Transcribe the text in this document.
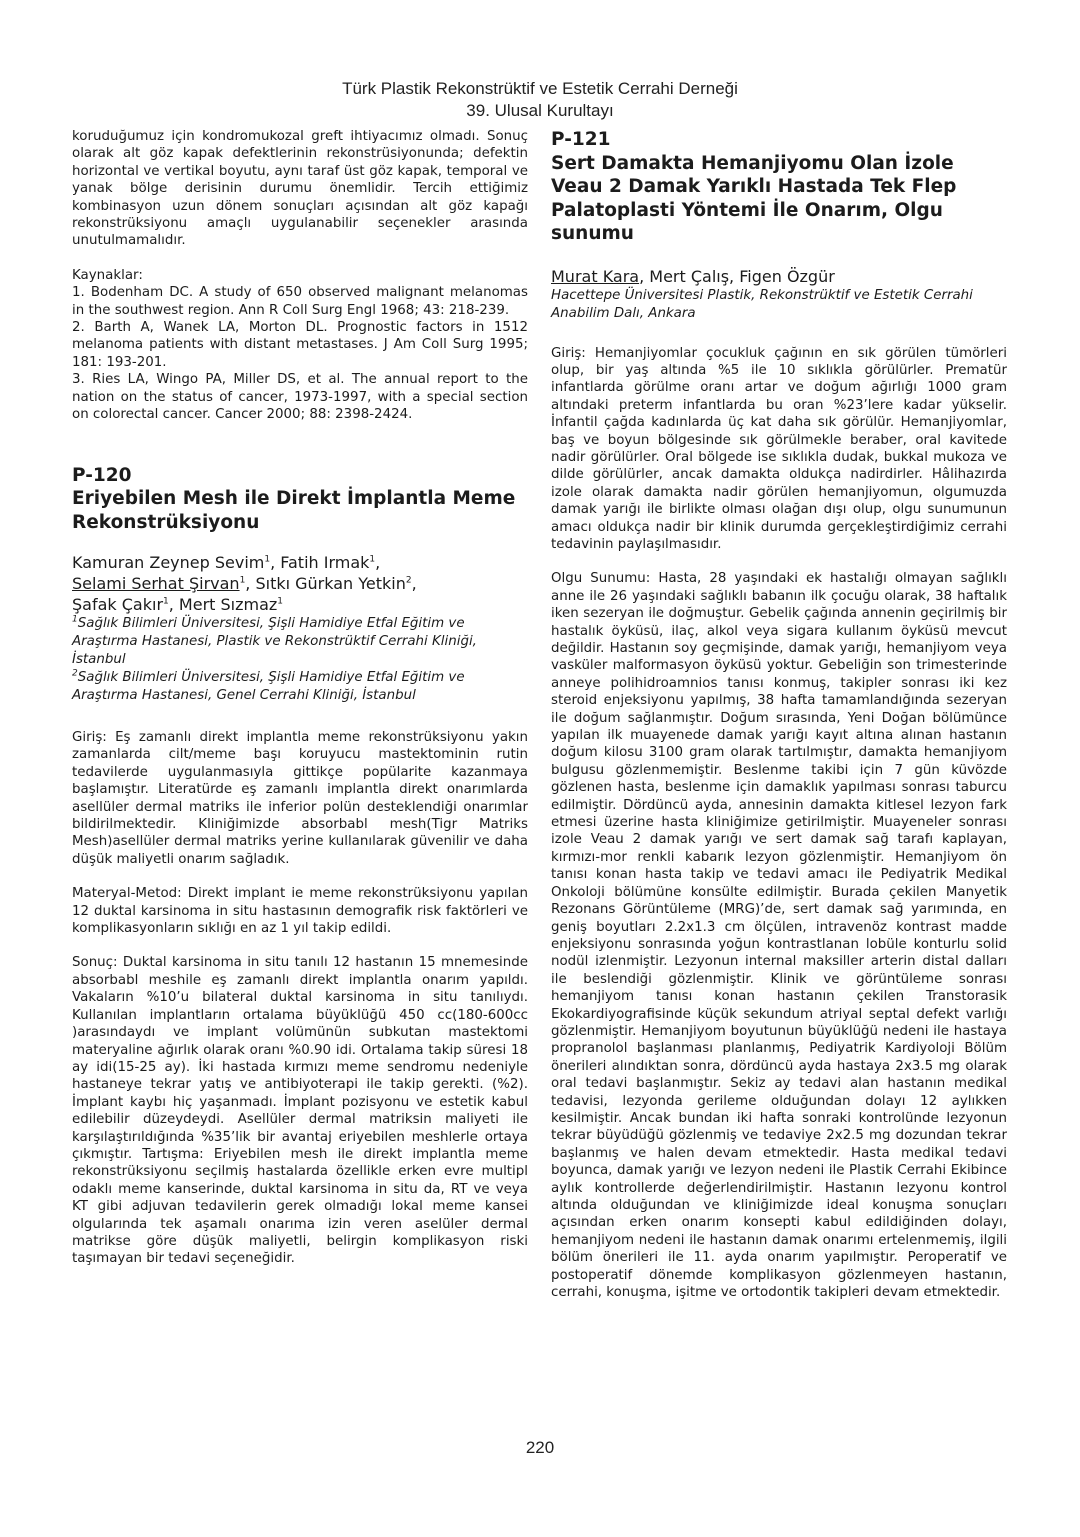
Türk Plastik Rekonstrüktif ve Estetik Cerrahi Derneği
39. Ulusal Kurultayı

koruduğumuz için kondromukozal greft ihtiyacımız olmadı. Sonuç olarak alt göz kapak defektlerinin rekonstrüsiyonunda; defektin horizontal ve vertikal boyutu, aynı taraf üst göz kapak, temporal ve yanak bölge derisinin durumu önemlidir. Tercih ettiğimiz kombinasyon uzun dönem sonuçları açısından alt göz kapağı rekonstrüksiyonu amaçlı uygulanabilir seçenekler arasında unutulmamalıdır.

Kaynaklar:

1. Bodenham DC. A study of 650 observed malignant melanomas in the southwest region. Ann R Coll Surg Engl 1968; 43: 218-239.

2. Barth A, Wanek LA, Morton DL. Prognostic factors in 1512 melanoma patients with distant metastases. J Am Coll Surg 1995; 181: 193-201.

3. Ries LA, Wingo PA, Miller DS, et al. The annual report to the nation on the status of cancer, 1973-1997, with a special section on colorectal cancer. Cancer 2000; 88: 2398-2424.

P-120

Eriyebilen Mesh ile Direkt İmplantla Meme Rekonstrüksiyonu

Kamuran Zeynep Sevim$^1$, Fatih Irmak$^1$,
Selami Serhat Şirvan$^1$, Sıtkı Gürkan Yetkin$^2$,
Şafak Çakır$^1$, Mert Sızmaz$^1$

$^1$Sağlık Bilimleri Üniversitesi, Şişli Hamidiye Etfal Eğitim ve Araştırma Hastanesi, Plastik ve Rekonstrüktif Cerrahi Kliniği, İstanbul

$^2$Sağlık Bilimleri Üniversitesi, Şişli Hamidiye Etfal Eğitim ve Araştırma Hastanesi, Genel Cerrahi Kliniği, İstanbul

Giriş: Eş zamanlı direkt implantla meme rekonstrüksiyonu yakın zamanlarda cilt/meme başı koruyucu mastektominin rutin tedavilerde uygulanmasıyla gittikçe popülarite kazanmaya başlamıştır. Literatürde eş zamanlı implantla direkt onarımlarda asellüler dermal matriks ile inferior polün desteklendiği onarımlar bildirilmektedir. Kliniğimizde absorbabl mesh(Tigr Matriks Mesh)asellüler dermal matriks yerine kullanılarak güvenilir ve daha düşük maliyetli onarım sağladık.

Materyal-Metod: Direkt implant ie meme rekonstrüksiyonu yapılan 12 duktal karsinoma in situ hastasının demografik risk faktörleri ve komplikasyonların sıklığı en az 1 yıl takip edildi.

Sonuç: Duktal karsinoma in situ tanılı 12 hastanın 15 mnemesinde absorbabl meshile eş zamanlı direkt implantla onarım yapıldı. Vakaların %10’u bilateral duktal karsinoma in situ tanılıydı. Kullanılan implantların ortalama büyüklüğü 450 cc(180-600cc )arasındaydı ve implant volümünün subkutan mastektomi materyaline ağırlık olarak oranı %0.90 idi. Ortalama takip süresi 18 ay idi(15-25 ay). İki hastada kırmızı meme sendromu nedeniyle hastaneye tekrar yatış ve antibiyoterapi ile takip gerekti. (%2). İmplant kaybı hiç yaşanmadı. İmplant pozisyonu ve estetik kabul edilebilir düzeydeydi. Asellüler dermal matriksin maliyeti ile karşılaştırıldığında %35’lik bir avantaj eriyebilen meshlerle ortaya çıkmıştır. Tartışma: Eriyebilen mesh ile direkt implantla meme rekonstrüksiyonu seçilmiş hastalarda özellikle erken evre multipl odaklı meme kanserinde, duktal karsinoma in situ da, RT ve veya KT gibi adjuvan tedavilerin gerek olmadığı lokal meme kansei olgularında tek aşamalı onarıma izin veren aselüler dermal matrikse göre düşük maliyetli, belirgin komplikasyon riski taşımayan bir tedavi seçeneğidir.

P-121

Sert Damakta Hemanjiyomu Olan İzole Veau 2 Damak Yarıklı Hastada Tek Flep Palatoplasti Yöntemi İle Onarım, Olgu sunumu

Murat Kara, Mert Çalış, Figen Özgür

Hacettepe Üniversitesi Plastik, Rekonstrüktif ve Estetik Cerrahi Anabilim Dalı, Ankara

Giriş: Hemanjiyomlar çocukluk çağının en sık görülen tümörleri olup, bir yaş altında %5 ile 10 sıklıkla görülürler. Prematür infantlarda görülme oranı artar ve doğum ağırlığı 1000 gram altındaki preterm infantlarda bu oran %23’lere kadar yükselir. İnfantil çağda kadınlarda üç kat daha sık görülür. Hemanjiyomlar, baş ve boyun bölgesinde sık görülmekle beraber, oral kavitede nadir görülürler. Oral bölgede ise sıklıkla dudak, bukkal mukoza ve dilde görülürler, ancak damakta oldukça nadirdirler. Hâlihazırda izole olarak damakta nadir görülen hemanjiyomun, olgumuzda damak yarığı ile birlikte olması olağan dışı olup, olgu sunumunun amacı oldukça nadir bir klinik durumda gerçekleştirdiğimiz cerrahi tedavinin paylaşılmasıdır.

Olgu Sunumu: Hasta, 28 yaşındaki ek hastalığı olmayan sağlıklı anne ile 26 yaşındaki sağlıklı babanın ilk çocuğu olarak, 38 haftalık iken sezeryan ile doğmuştur. Gebelik çağında annenin geçirilmiş bir hastalık öyküsü, ilaç, alkol veya sigara kullanım öyküsü mevcut değildir. Hastanın soy geçmişinde, damak yarığı, hemanjiyom veya vasküler malformasyon öyküsü yoktur. Gebeliğin son trimesterinde anneye polihidroamnios tanısı konmuş, takipler sonrası iki kez steroid enjeksiyonu yapılmış, 38 hafta tamamlandığında sezeryan ile doğum sağlanmıştır. Doğum sırasında, Yeni Doğan bölümünce yapılan ilk muayenede damak yarığı kayıt altına alınan hastanın doğum kilosu 3100 gram olarak tartılmıştır, damakta hemanjiyom bulgusu gözlenmemiştir. Beslenme takibi için 7 gün küvözde gözlenen hasta, beslenme için damaklık yapılması sonrası taburcu edilmiştir. Dördüncü ayda, annesinin damakta kitlesel lezyon fark etmesi üzerine hasta kliniğimize getirilmiştir. Muayeneler sonrası izole Veau 2 damak yarığı ve sert damak sağ tarafı kaplayan, kırmızı-mor renkli kabarık lezyon gözlenmiştir. Hemanjiyom ön tanısı konan hasta takip ve tedavi amacı ile Pediyatrik Medikal Onkoloji bölümüne konsülte edilmiştir. Burada çekilen Manyetik Rezonans Görüntüleme (MRG)’de, sert damak sağ yarımında, en geniş boyutları 2.2x1.3 cm ölçülen, intravenöz kontrast madde enjeksiyonu sonrasında yoğun kontrastlanan lobüle konturlu solid nodül izlenmiştir. Lezyonun internal maksiller arterin distal dalları ile beslendiği gözlenmiştir. Klinik ve görüntüleme sonrası hemanjiyom tanısı konan hastanın çekilen Transtorasik Ekokardiyografisinde küçük sekundum atriyal septal defekt varlığı gözlenmiştir. Hemanjiyom boyutunun büyüklüğü nedeni ile hastaya propranolol başlanması planlanmış, Pediyatrik Kardiyoloji Bölüm önerileri alındıktan sonra, dördüncü ayda hastaya 2x3.5 mg olarak oral tedavi başlanmıştır. Sekiz ay tedavi alan hastanın medikal tedavisi, lezyonda gerileme olduğundan dolayı 12 aylıkken kesilmiştir. Ancak bundan iki hafta sonraki kontrolünde lezyonun tekrar büyüdüğü gözlenmiş ve tedaviye 2x2.5 mg dozundan tekrar başlanmış ve halen devam etmektedir. Hasta medikal tedavi boyunca, damak yarığı ve lezyon nedeni ile Plastik Cerrahi Ekibince aylık kontrollerde değerlendirilmiştir. Hastanın lezyonu kontrol altında olduğundan ve kliniğimizde ideal konuşma sonuçları açısından erken onarım konsepti kabul edildiğinden dolayı, hemanjiyom nedeni ile hastanın damak onarımı ertelenmemiş, ilgili bölüm önerileri ile 11. ayda onarım yapılmıştır. Peroperatif ve postoperatif dönemde komplikasyon gözlenmeyen hastanın, cerrahi, konuşma, işitme ve ortodontik takipleri devam etmektedir.

220
